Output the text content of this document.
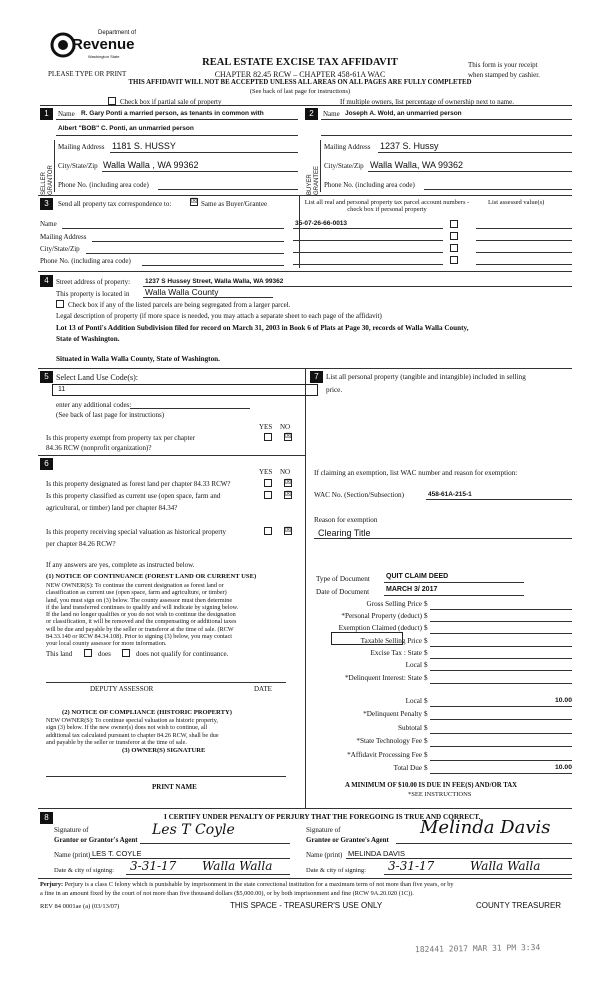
Department of
Revenue
Washington State
REAL ESTATE EXCISE TAX AFFIDAVIT
PLEASE TYPE OR PRINT	CHAPTER 82.45 RCW – CHAPTER 458-61A WAC
This form is your receipt
when stamped by cashier.
THIS AFFIDAVIT WILL NOT BE ACCEPTED UNLESS ALL AREAS ON ALL PAGES ARE FULLY COMPLETED
(See back of last page for instructions)
Check box if partial sale of property	If multiple owners, list percentage of ownership next to name.
1	Name R. Gary Ponti a married person, as tenants in common with
Albert "BOB" C. Ponti, an unmarried person
SELLER GRANTOR
Mailing Address 1181 S. HUSSY
City/State/Zip Walla Walla , WA 99362
Phone No. (including area code)
2	Name Joseph A. Wold, an unmarried person
BUYER GRANTEE
Mailing Address 1237 S. Hussy
City/State/Zip Walla Walla, WA 99362
Phone No. (including area code)
3	Send all property tax correspondence to:	☒ Same as Buyer/Grantee	List all real and personal property tax parcel account numbers - check box if personal property
List assessed value(s)
35-07-26-66-0013
Name
Mailing Address
City/State/Zip
Phone No. (including area code)
4	Street address of property: 1237 S Hussey Street, Walla Walla, WA 99362
This property is located in Walla Walla County
Check box if any of the listed parcels are being segregated from a larger parcel.
Legal description of property (if more space is needed, you may attach a separate sheet to each page of the affidavit)
Lot 13 of Ponti's Addition Subdivision filed for record on March 31, 2003 in Book 6 of Plats at Page 30, records of Walla Walla County,
State of Washington.
Situated in Walla Walla County, State of Washington.
5 Select Land Use Code(s):
11
enter any additional codes:
(See back of last page for instructions)
YES NO
Is this property exempt from property tax per chapter
84.36 RCW (nonprofit organization)?
☒
6
YES NO
Is this property designated as forest land per chapter 84.33 RCW?	☒
Is this property classified as current use (open space, farm and
agricultural, or timber) land per chapter 84.34?
☒
Is this property receiving special valuation as historical property
per chapter 84.26 RCW?
☒
If any answers are yes, complete as instructed below.
(1) NOTICE OF CONTINUANCE (FOREST LAND OR CURRENT USE)
NEW OWNER(S): To continue the current designation as forest land or
classification as current use (open space, farm and agriculture, or timber)
land, you must sign on (3) below. The county assessor must then determine
if the land transferred continues to qualify and will indicate by signing below.
If the land no longer qualifies or you do not wish to continue the designation
or classification, it will be removed and the compensating or additional taxes
will be due and payable by the seller or transferor at the time of sale. (RCW
84.33.140 or RCW 84.34.108). Prior to signing (3) below, you may contact
your local county assessor for more information.
This land	does	does not qualify for continuance.
DEPUTY ASSESSOR	DATE
(2) NOTICE OF COMPLIANCE (HISTORIC PROPERTY)
NEW OWNER(S): To continue special valuation as historic property,
sign (3) below. If the new owner(s) does not wish to continue, all
additional tax calculated pursuant to chapter 84.26 RCW, shall be due
and payable by the seller or transferor at the time of sale.
(3) OWNER(S) SIGNATURE
PRINT NAME
7	List all personal property (tangible and intangible) included in selling
price.
If claiming an exemption, list WAC number and reason for exemption:
WAC No. (Section/Subsection)	458-61A-215-1
Reason for exemption
Clearing Title
Type of Document QUIT CLAIM DEED
Date of Document MARCH 3/ 2017
Gross Selling Price $
*Personal Property (deduct) $
Exemption Claimed (deduct) $
Taxable Selling Price $
Excise Tax : State $
Local $
*Delinquent Interest: State $
Local $	10.00
*Delinquent Penalty $
Subtotal $
*State Technology Fee $
*Affidavit Processing Fee $
Total Due $	10.00
A MINIMUM OF $10.00 IS DUE IN FEE(S) AND/OR TAX
*SEE INSTRUCTIONS
8	I CERTIFY UNDER PENALTY OF PERJURY THAT THE FOREGOING IS TRUE AND CORRECT.
Signature of
Grantor or Grantor's Agent
Les T Coyle
Name (print) LES T. COYLE
Date & city of signing: 3-31-17 Walla Walla
Signature of
Grantee or Grantee's Agent
Melinda Davis
Name (print) MELINDA DAVIS
Date & city of signing: 3-31-17	Walla Walla
Perjury: Perjury is a class C felony which is punishable by imprisonment in the state correctional institution for a maximum term of not more than five years, or by
a fine in an amount fixed by the court of not more than five thousand dollars ($5,000.00), or by both imprisonment and fine (RCW 9A.20.020 (1C)).
REV 84 0001ae (a) (03/13/07)	THIS SPACE - TREASURER'S USE ONLY	COUNTY TREASURER
182441 2017 MAR 31 PM 3:34
